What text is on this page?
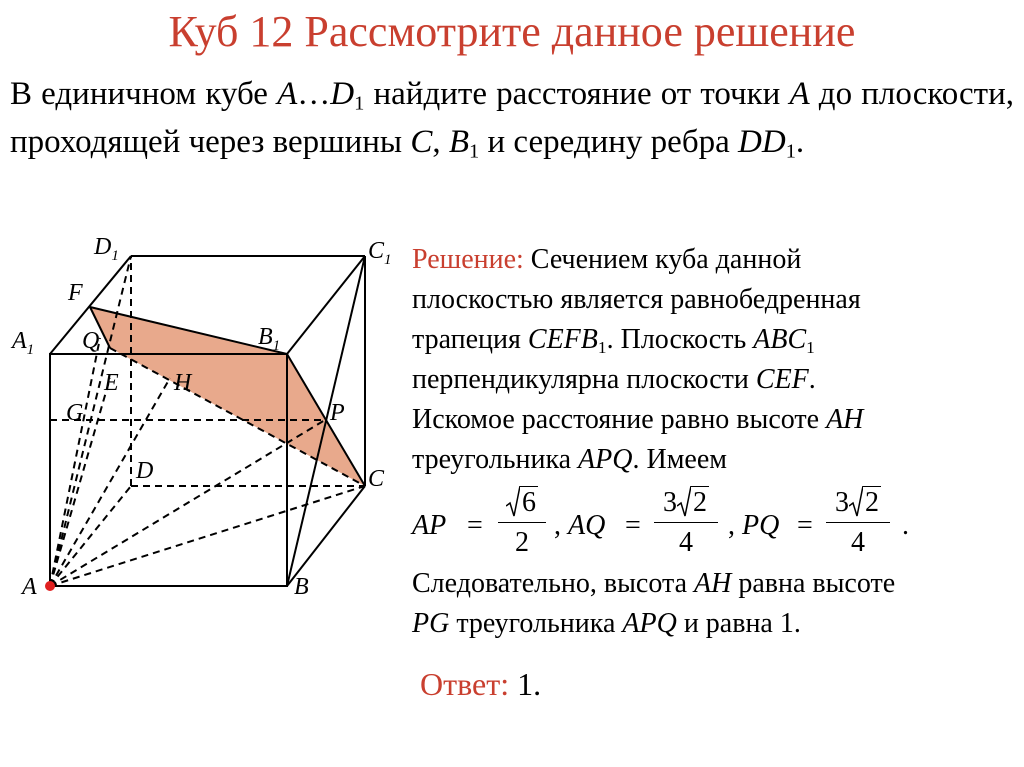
Куб 12 Рассмотрите данное решение
В единичном кубе $A\dots D_1$ найдите расстояние от точки A до плоскости, проходящей через вершины C, $B_1$ и серединy ребра $DD_1$.
$D_1$	$C_1$
F
$A_1$ Q	$B_1$
E H
G	P
D	C
A	B
Решение: Сечением куба данной
плоскостью является равнобедренная
трапеция $CEFB_1$. Плоскость $ABC_1$
перпендикулярна плоскости CEF.
Искомое расстояние равно высоте AH
треугольника APQ. Имеем
AP =
6
2
, AQ =
3 2
4
, PQ =
3 2
4
.
Следовательно, высота AH равна высоте
PG треугольника APQ и равна 1.
Ответ: 1.
